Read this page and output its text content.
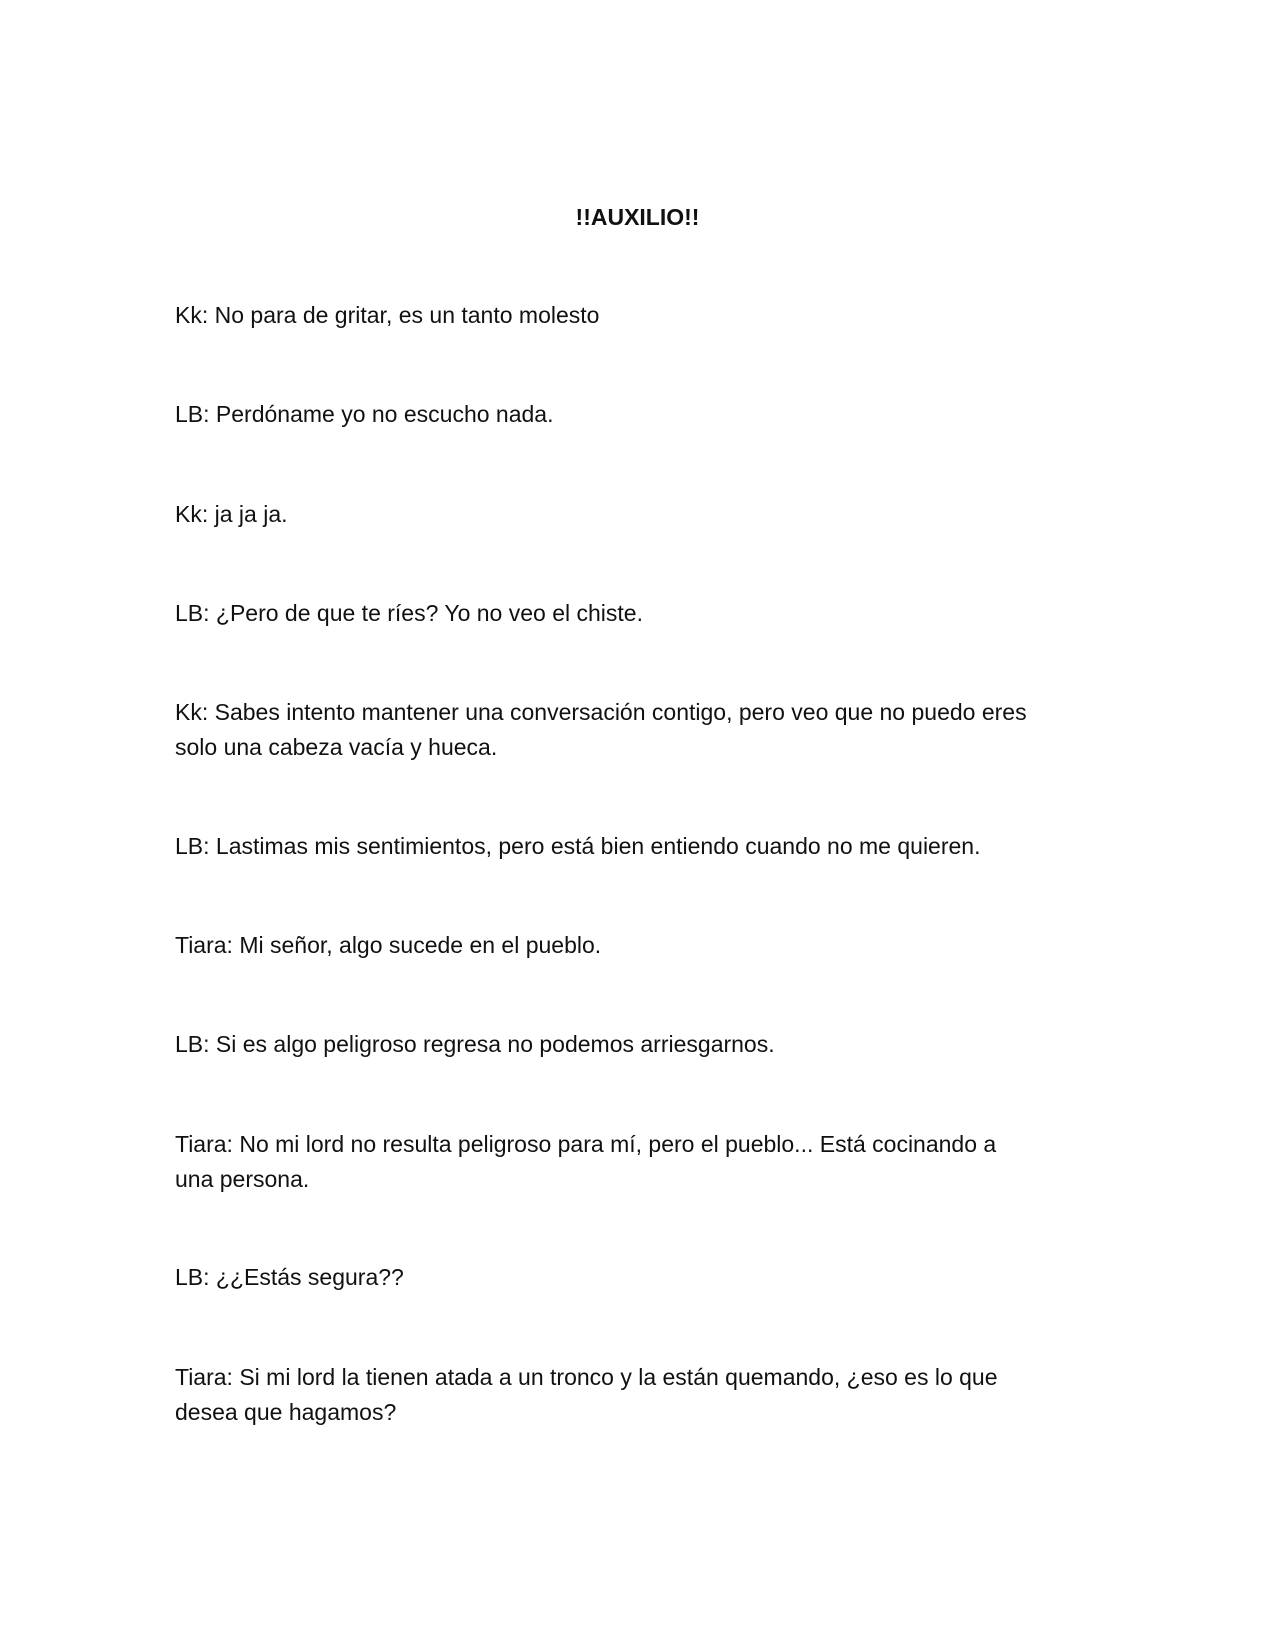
!!AUXILIO!!

Kk: No para de gritar, es un tanto molesto

LB: Perdóname yo no escucho nada.

Kk: ja ja ja.

LB: ¿Pero de que te ríes? Yo no veo el chiste.

Kk: Sabes intento mantener una conversación contigo, pero veo que no puedo eres
solo una cabeza vacía y hueca.

LB: Lastimas mis sentimientos, pero está bien entiendo cuando no me quieren.

Tiara: Mi señor, algo sucede en el pueblo.

LB: Si es algo peligroso regresa no podemos arriesgarnos.

Tiara: No mi lord no resulta peligroso para mí, pero el pueblo... Está cocinando a
una persona.

LB: ¿¿Estás segura??

Tiara: Si mi lord la tienen atada a un tronco y la están quemando, ¿eso es lo que
desea que hagamos?
